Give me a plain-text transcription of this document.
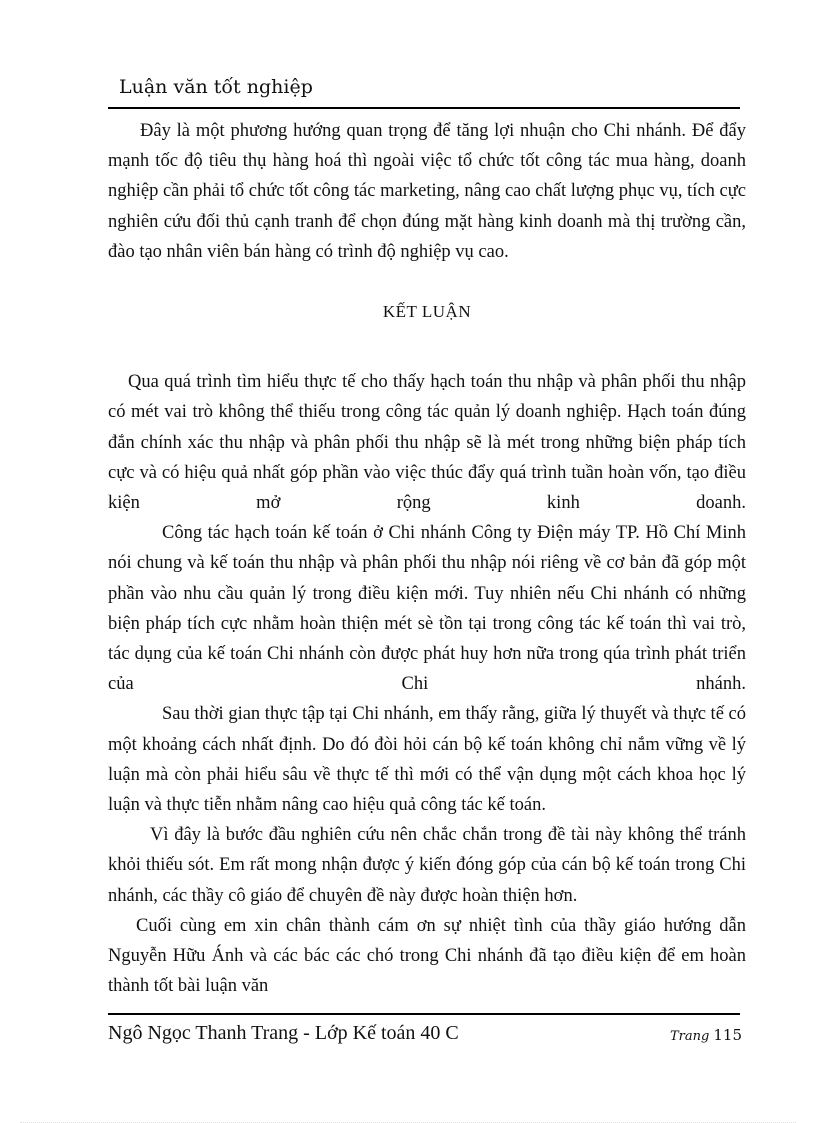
Luận văn tốt nghiệp

Đây là một phương hướng quan trọng để tăng lợi nhuận cho Chi nhánh. Để đẩy mạnh tốc độ tiêu thụ hàng hoá thì ngoài việc tổ chức tốt công tác mua hàng, doanh nghiệp cần phải tổ chức tốt công tác marketing, nâng cao chất lượng phục vụ, tích cực nghiên cứu đối thủ cạnh tranh để chọn đúng mặt hàng kinh doanh mà thị trường cần, đào tạo nhân viên bán hàng có trình độ nghiệp vụ cao.

KẾT LUẬN

Qua quá trình tìm hiểu thực tế cho thấy hạch toán thu nhập và phân phối thu nhập có mét vai trò không thể thiếu trong công tác quản lý doanh nghiệp. Hạch toán đúng đắn chính xác thu nhập và phân phối thu nhập sẽ là mét trong những biện pháp tích cực và có hiệu quả nhất góp phần vào việc thúc đẩy quá trình tuần hoàn vốn, tạo điều kiện mở rộng kinh doanh.

Công tác hạch toán kế toán ở Chi nhánh Công ty Điện máy TP. Hồ Chí Minh nói chung và kế toán thu nhập và phân phối thu nhập nói riêng về cơ bản đã góp một phần vào nhu cầu quản lý trong điều kiện mới. Tuy nhiên nếu Chi nhánh có những biện pháp tích cực nhằm hoàn thiện mét sè tồn tại trong công tác kế toán thì vai trò, tác dụng của kế toán Chi nhánh còn được phát huy hơn nữa trong qúa trình phát triển của Chi nhánh.

Sau thời gian thực tập tại Chi nhánh, em thấy rằng, giữa lý thuyết và thực tế có một khoảng cách nhất định. Do đó đòi hỏi cán bộ kế toán không chỉ nắm vững về lý luận mà còn phải hiểu sâu về thực tế thì mới có thể vận dụng một cách khoa học lý luận và thực tiễn nhằm nâng cao hiệu quả công tác kế toán.

Vì đây là bước đầu nghiên cứu nên chắc chắn trong đề tài này không thể tránh khỏi thiếu sót. Em rất mong nhận được ý kiến đóng góp của cán bộ kế toán trong Chi nhánh, các thầy cô giáo để chuyên đề này được hoàn thiện hơn.

Cuối cùng em xin chân thành cám ơn sự nhiệt tình của thầy giáo hướng dẫn Nguyễn Hữu Ánh và các bác các chó trong Chi nhánh đã tạo điều kiện để em hoàn thành tốt bài luận văn

Ngô Ngọc Thanh Trang - Lớp Kế toán 40 C	Trang 115
